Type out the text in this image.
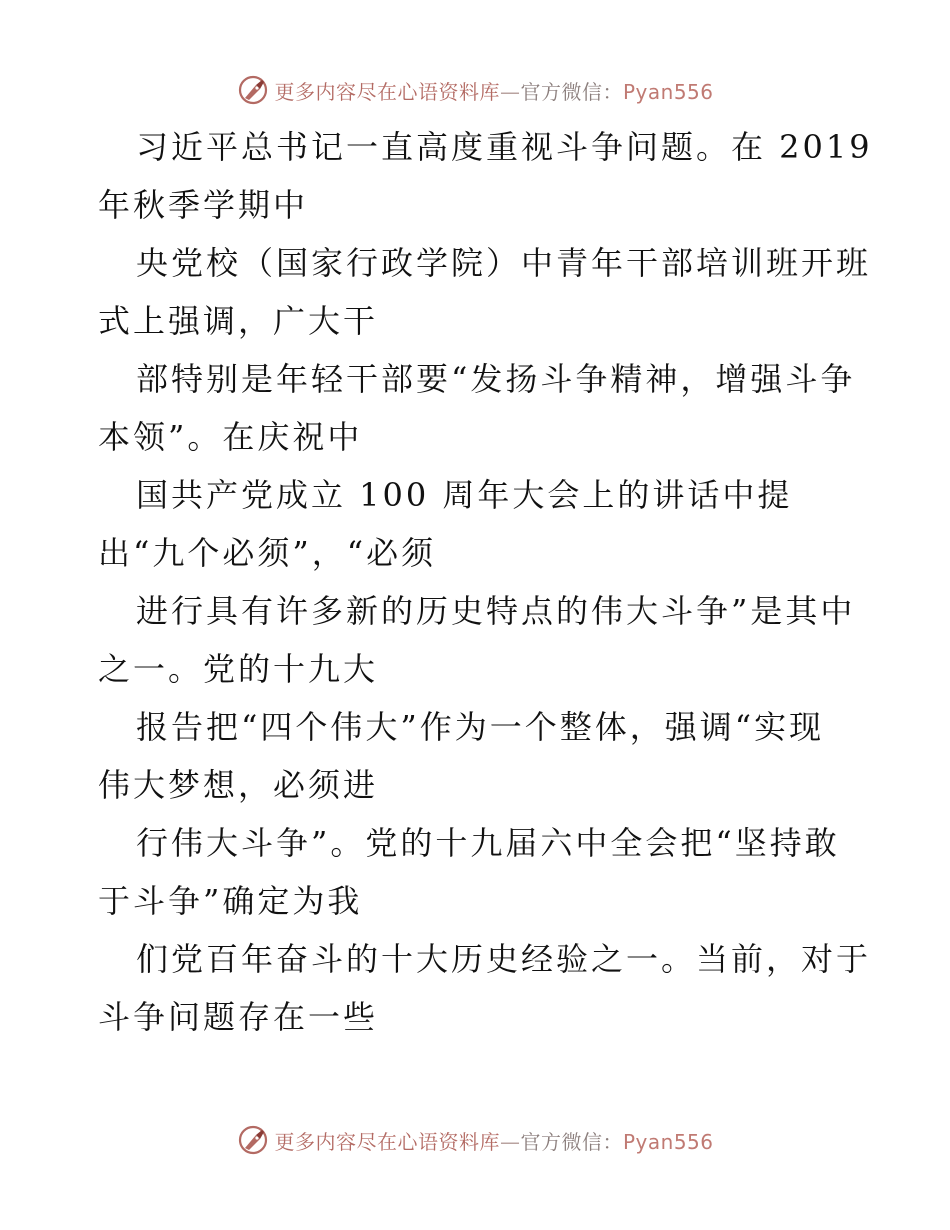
更多内容尽在心语资料库—官方微信：Pyan556
习近平总书记一直高度重视斗争问题。在 2019
年秋季学期中
央党校（国家行政学院）中青年干部培训班开班
式上强调，广大干
部特别是年轻干部要“发扬斗争精神，增强斗争
本领”。在庆祝中
国共产党成立 100 周年大会上的讲话中提
出“九个必须”，“必须
进行具有许多新的历史特点的伟大斗争”是其中
之一。党的十九大
报告把“四个伟大”作为一个整体，强调“实现
伟大梦想，必须进
行伟大斗争”。党的十九届六中全会把“坚持敢
于斗争”确定为我
们党百年奋斗的十大历史经验之一。当前，对于
斗争问题存在一些
更多内容尽在心语资料库—官方微信：Pyan556
